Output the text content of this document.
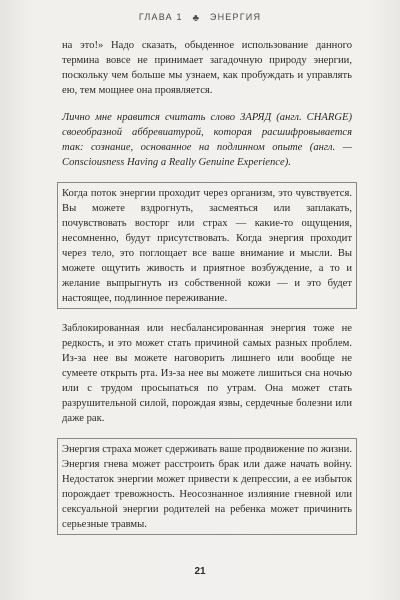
ГЛАВА 1 ♣ ЭНЕРГИЯ

на это!» Надо сказать, обыденное использование данного термина вовсе не принимает загадочную природу энергии, поскольку чем больше мы узнаем, как пробуждать и управлять ею, тем мощнее она проявляется.

Лично мне нравится считать слово ЗАРЯД (англ. CHARGE) своеобразной аббревиатурой, которая расшифровывается так: сознание, основанное на подлинном опыте (англ. — Consciousness Having a Really Genuine Experience).

Когда поток энергии проходит через организм, это чувствуется. Вы можете вздрогнуть, засмеяться или заплакать, почувствовать восторг или страх — какие-то ощущения, несомненно, будут присутствовать. Когда энергия проходит через тело, это поглощает все ваше внимание и мысли. Вы можете ощутить живость и приятное возбуждение, а то и желание выпрыгнуть из собственной кожи — и это будет настоящее, подлинное переживание.

Заблокированная или несбалансированная энергия тоже не редкость, и это может стать причиной самых разных проблем. Из-за нее вы можете наговорить лишнего или вообще не сумеете открыть рта. Из-за нее вы можете лишиться сна ночью или с трудом просыпаться по утрам. Она может стать разрушительной силой, порождая язвы, сердечные болезни или даже рак.

Энергия страха может сдерживать ваше продвижение по жизни. Энергия гнева может расстроить брак или даже начать войну. Недостаток энергии может привести к депрессии, а ее избыток порождает тревожность. Неосознанное излияние гневной или сексуальной энергии родителей на ребенка может причинить серьезные травмы.

21
